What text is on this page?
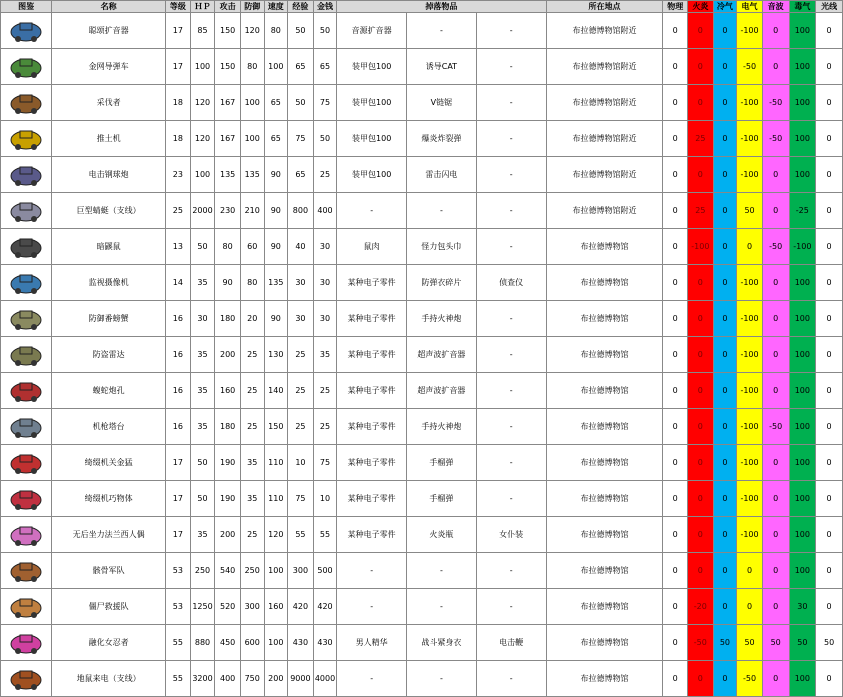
图鉴	名称	等级	ＨＰ	攻击	防御	速度	经验	金钱	掉落物品			所在地点	物理	火炎	冷气	电气	音波	毒气	光线

	聪颂扩音器	17	85	150	120	80	50	50	音源扩音器	-	-	布拉德博物馆附近	0	0	0	-100	0	100	0

	金网导弹车	17	100	150	80	100	65	65	装甲包100	诱导CAT	-	布拉德博物馆附近	0	0	0	-50	0	100	0

	采伐者	18	120	167	100	65	50	75	装甲包100	V链锯	-	布拉德博物馆附近	0	0	0	-100	-50	100	0

	推土机	18	120	167	100	65	75	50	装甲包100	爆炎炸裂弹	-	布拉德博物馆附近	0	25	0	-100	-50	100	0

	电击钢球炮	23	100	135	135	90	65	25	装甲包100	雷击闪电	-	布拉德博物馆附近	0	0	0	-100	0	100	0

	巨型蜻蜓（支线）	25	2000	230	210	90	800	400	-	-	-	布拉德博物馆附近	0	25	0	50	0	-25	0

	暗鼷鼠	13	50	80	60	90	40	30	鼠肉	怪力包头巾	-	布拉德博物馆	0	-100	0	0	-50	-100	0

	监视摄像机	14	35	90	80	135	30	30	某种电子零件	防弹衣碎片	侦查仪	布拉德博物馆	0	0	0	-100	0	100	0

	防御番螃蟹	16	30	180	20	90	30	30	某种电子零件	手持火神炮	-	布拉德博物馆	0	0	0	-100	0	100	0

	防盗雷达	16	35	200	25	130	25	35	某种电子零件	超声波扩音器	-	布拉德博物馆	0	0	0	-100	0	100	0

	蝮蛇炮孔	16	35	160	25	140	25	25	某种电子零件	超声波扩音器	-	布拉德博物馆	0	0	0	-100	0	100	0

	机枪塔台	16	35	180	25	150	25	25	某种电子零件	手持火神炮	-	布拉德博物馆	0	0	0	-100	-50	100	0

	绮缀机关金猛	17	50	190	35	110	10	75	某种电子零件	手榴弹	-	布拉德博物馆	0	0	0	-100	0	100	0

	绮缀机巧物体	17	50	190	35	110	75	10	某种电子零件	手榴弹	-	布拉德博物馆	0	0	0	-100	0	100	0

	无后坐力法兰西人偶	17	35	200	25	120	55	55	某种电子零件	火炎瓶	女仆装	布拉德博物馆	0	0	0	-100	0	100	0

	骸骨军队	53	250	540	250	100	300	500	-	-	-	布拉德博物馆	0	0	0	0	0	100	0

	僵尸救援队	53	1250	520	300	160	420	420	-	-	-	布拉德博物馆	0	-20	0	0	0	30	0

	融化女忍者	55	880	450	600	100	430	430	男人精华	战斗紧身衣	电击鞭	布拉德博物馆	0	-50	50	50	50	50	50

	地鼠来电（支线）	55	3200	400	750	200	9000	4000	-	-	-	布拉德博物馆	0	0	0	-50	0	100	0
